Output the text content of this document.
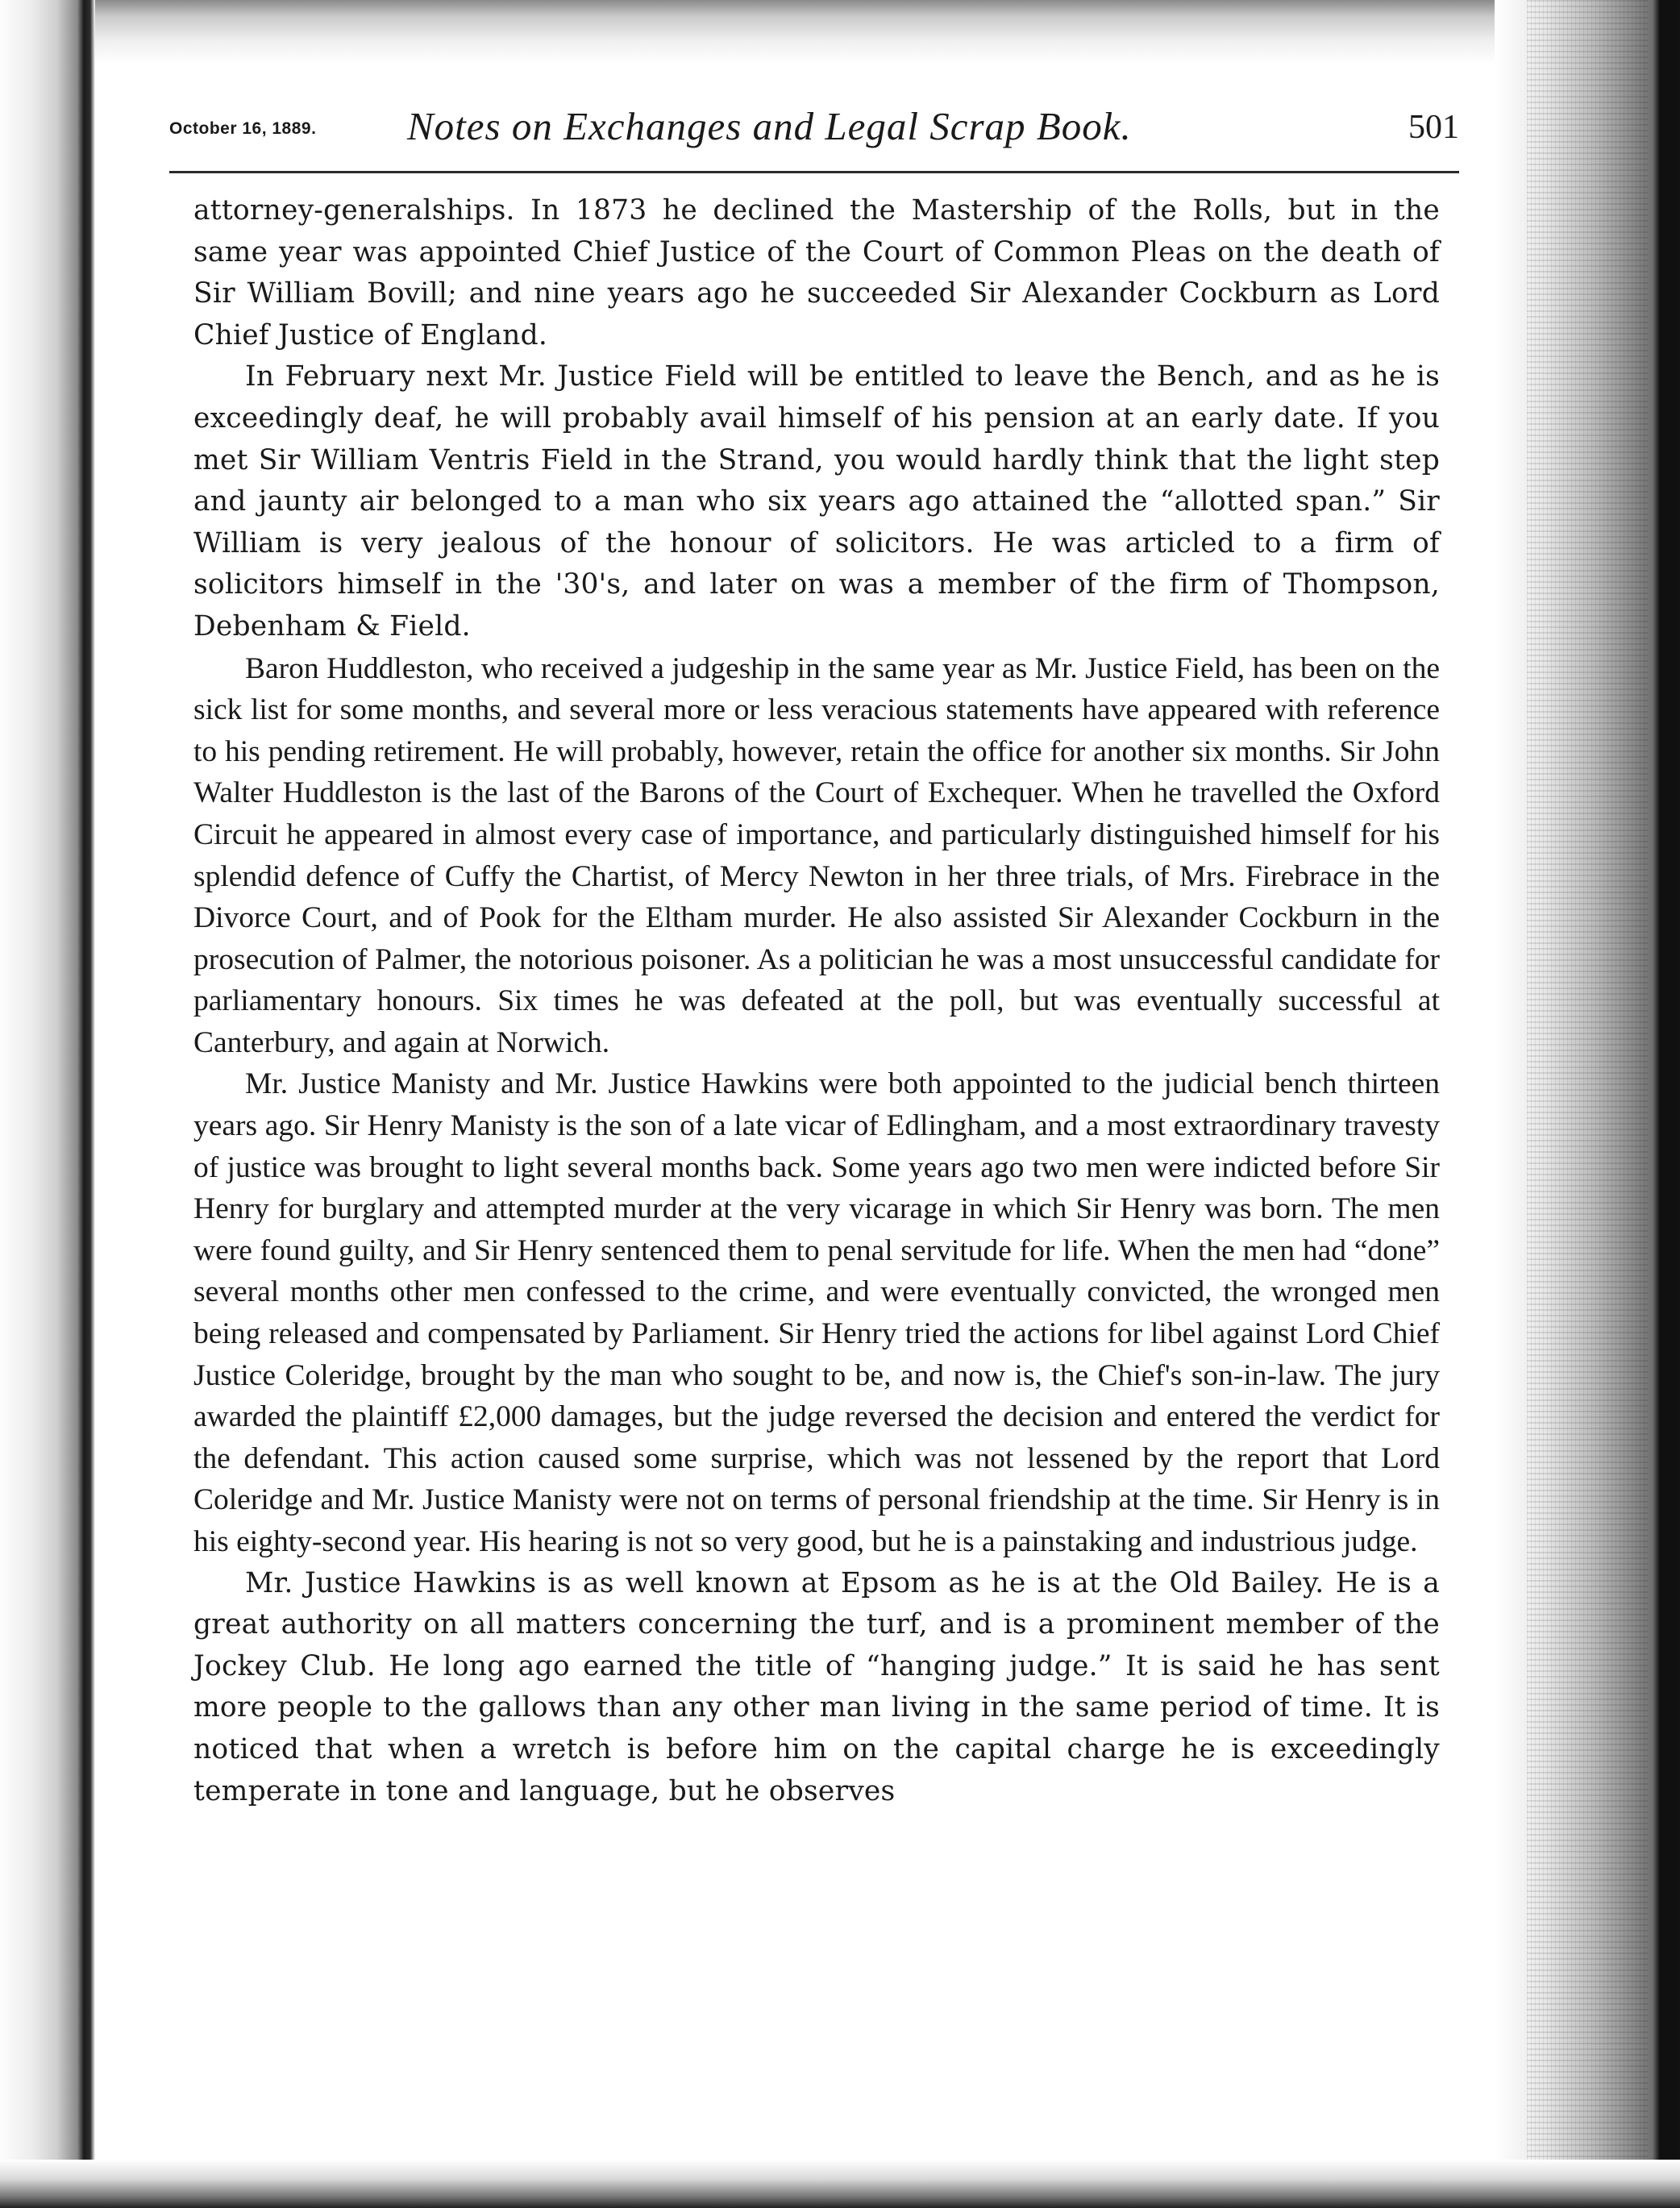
October 16, 1889. Notes on Exchanges and Legal Scrap Book.	501

attorney-generalships. In 1873 he declined the Mastership of the Rolls, but in the same year was appointed Chief Justice of the Court of Common Pleas on the death of Sir William Bovill; and nine years ago he succeeded Sir Alexander Cockburn as Lord Chief Justice of England.

In February next Mr. Justice Field will be entitled to leave the Bench, and as he is exceedingly deaf, he will probably avail himself of his pension at an early date. If you met Sir William Ventris Field in the Strand, you would hardly think that the light step and jaunty air belonged to a man who six years ago attained the “allotted span.” Sir William is very jealous of the honour of solicitors. He was articled to a firm of solicitors himself in the '30's, and later on was a member of the firm of Thompson, Debenham & Field.

Baron Huddleston, who received a judgeship in the same year as Mr. Justice Field, has been on the sick list for some months, and several more or less veracious statements have appeared with reference to his pending retirement. He will probably, however, retain the office for another six months. Sir John Walter Huddleston is the last of the Barons of the Court of Exchequer. When he travelled the Oxford Circuit he appeared in almost every case of importance, and particularly distinguished himself for his splendid defence of Cuffy the Chartist, of Mercy Newton in her three trials, of Mrs. Firebrace in the Divorce Court, and of Pook for the Eltham murder. He also assisted Sir Alexander Cockburn in the prosecution of Palmer, the notorious poisoner. As a politician he was a most unsuccessful candidate for parliamentary honours. Six times he was defeated at the poll, but was eventually successful at Canterbury, and again at Norwich.

Mr. Justice Manisty and Mr. Justice Hawkins were both appointed to the judicial bench thirteen years ago. Sir Henry Manisty is the son of a late vicar of Edlingham, and a most extraordinary travesty of justice was brought to light several months back. Some years ago two men were indicted before Sir Henry for burglary and attempted murder at the very vicarage in which Sir Henry was born. The men were found guilty, and Sir Henry sentenced them to penal servitude for life. When the men had “done” several months other men confessed to the crime, and were eventually convicted, the wronged men being released and compensated by Parliament. Sir Henry tried the actions for libel against Lord Chief Justice Coleridge, brought by the man who sought to be, and now is, the Chief's son-in-law. The jury awarded the plaintiff £2,000 damages, but the judge reversed the decision and entered the verdict for the defendant. This action caused some surprise, which was not lessened by the report that Lord Coleridge and Mr. Justice Manisty were not on terms of personal friendship at the time. Sir Henry is in his eighty-second year. His hearing is not so very good, but he is a painstaking and industrious judge.

Mr. Justice Hawkins is as well known at Epsom as he is at the Old Bailey. He is a great authority on all matters concerning the turf, and is a prominent member of the Jockey Club. He long ago earned the title of “hanging judge.” It is said he has sent more people to the gallows than any other man living in the same period of time. It is noticed that when a wretch is before him on the capital charge he is exceedingly temperate in tone and language, but he observes
